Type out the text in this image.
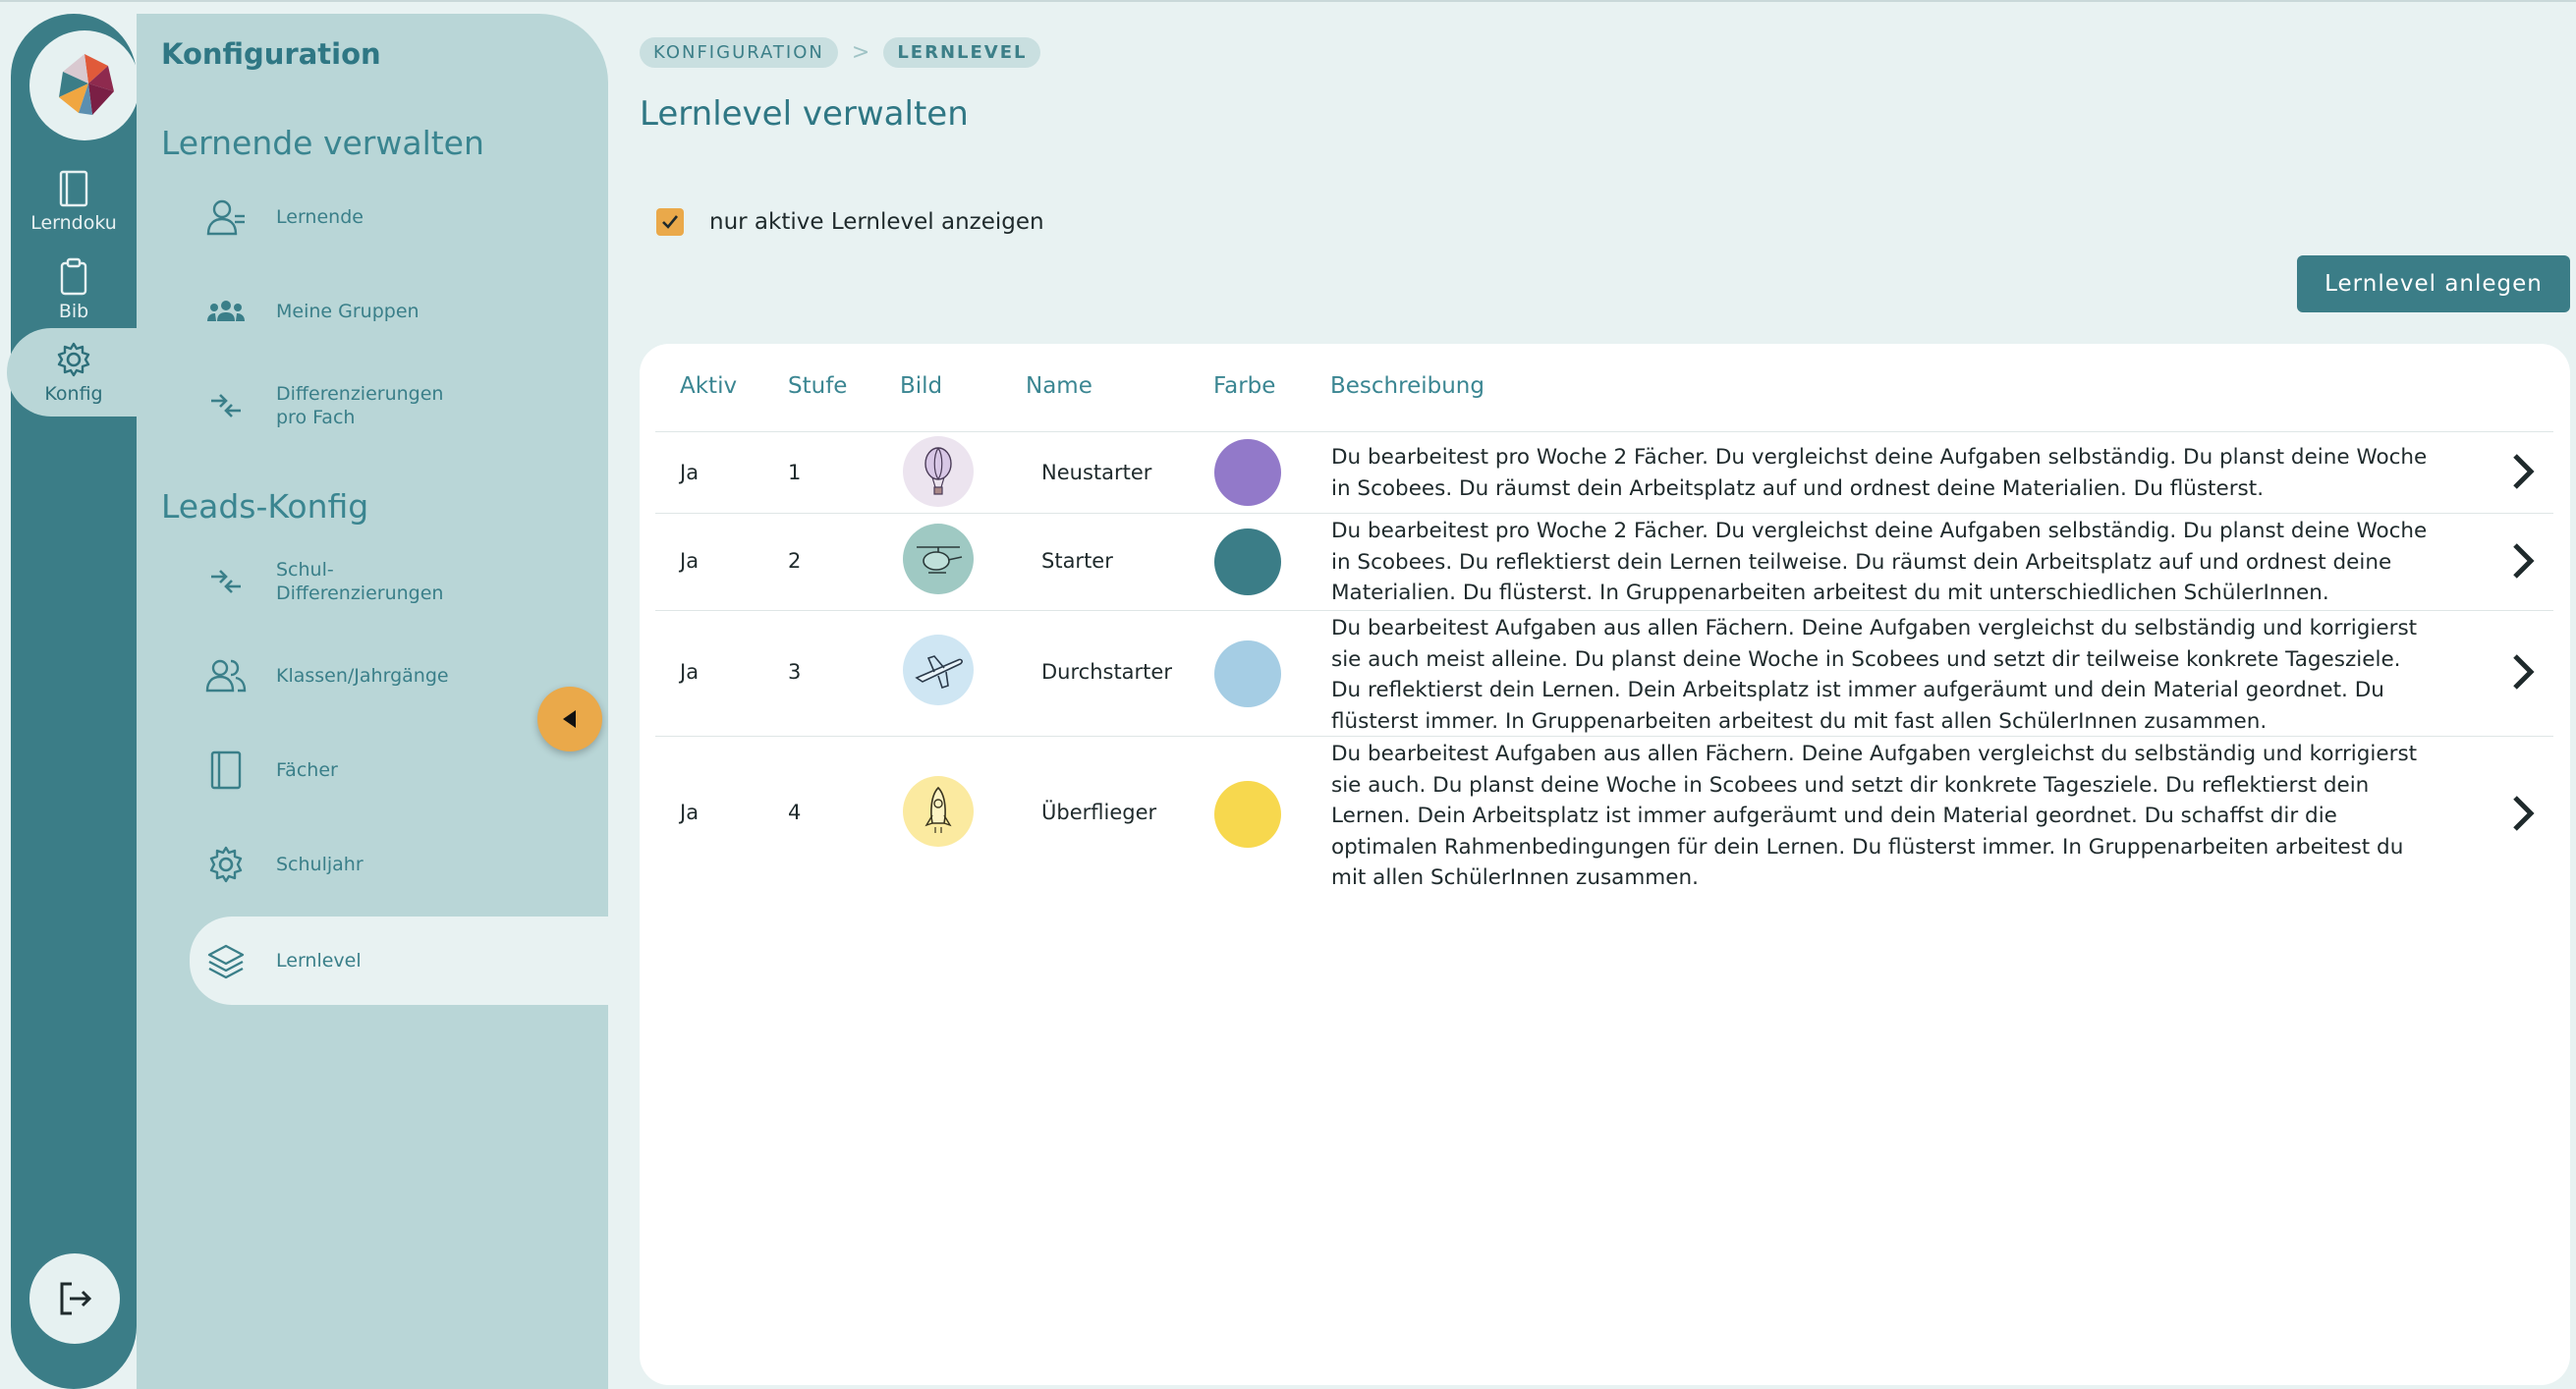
Lerndoku
Bib
Konfig
Konfiguration
Lernende verwalten
Lernende
Meine Gruppen
Differenzierungen
pro Fach
Leads-Konfig
Schul-
Differenzierungen
Klassen/Jahrgänge
Fächer
Schuljahr
Lernlevel
KONFIGURATION	>	LERNLEVEL
Lernlevel verwalten
nur aktive Lernlevel anzeigen
Lernlevel anlegen
Aktiv Stufe Bild	Name	Farbe Beschreibung
Ja	1	Neustarter
Du bearbeitest pro Woche 2 Fächer. Du vergleichst deine Aufgaben selbständig. Du planst deine Woche in Scobees. Du räumst dein Arbeitsplatz auf und ordnest deine Materialien. Du flüsterst.
Ja	2	Starter
Du bearbeitest pro Woche 2 Fächer. Du vergleichst deine Aufgaben selbständig. Du planst deine Woche in Scobees. Du reflektierst dein Lernen teilweise. Du räumst dein Arbeitsplatz auf und ordnest deine Materialien. Du flüsterst. In Gruppenarbeiten arbeitest du mit unterschiedlichen SchülerInnen.
Ja	3	Durchstarter
Du bearbeitest Aufgaben aus allen Fächern. Deine Aufgaben vergleichst du selbständig und korrigierst sie auch meist alleine. Du planst deine Woche in Scobees und setzt dir teilweise konkrete Tagesziele. Du reflektierst dein Lernen. Dein Arbeitsplatz ist immer aufgeräumt und dein Material geordnet. Du flüsterst immer. In Gruppenarbeiten arbeitest du mit fast allen SchülerInnen zusammen.
Ja	4	Überflieger
Du bearbeitest Aufgaben aus allen Fächern. Deine Aufgaben vergleichst du selbständig und korrigierst sie auch. Du planst deine Woche in Scobees und setzt dir konkrete Tagesziele. Du reflektierst dein Lernen. Dein Arbeitsplatz ist immer aufgeräumt und dein Material geordnet. Du schaffst dir die optimalen Rahmenbedingungen für dein Lernen. Du flüsterst immer. In Gruppenarbeiten arbeitest du mit allen SchülerInnen zusammen.
